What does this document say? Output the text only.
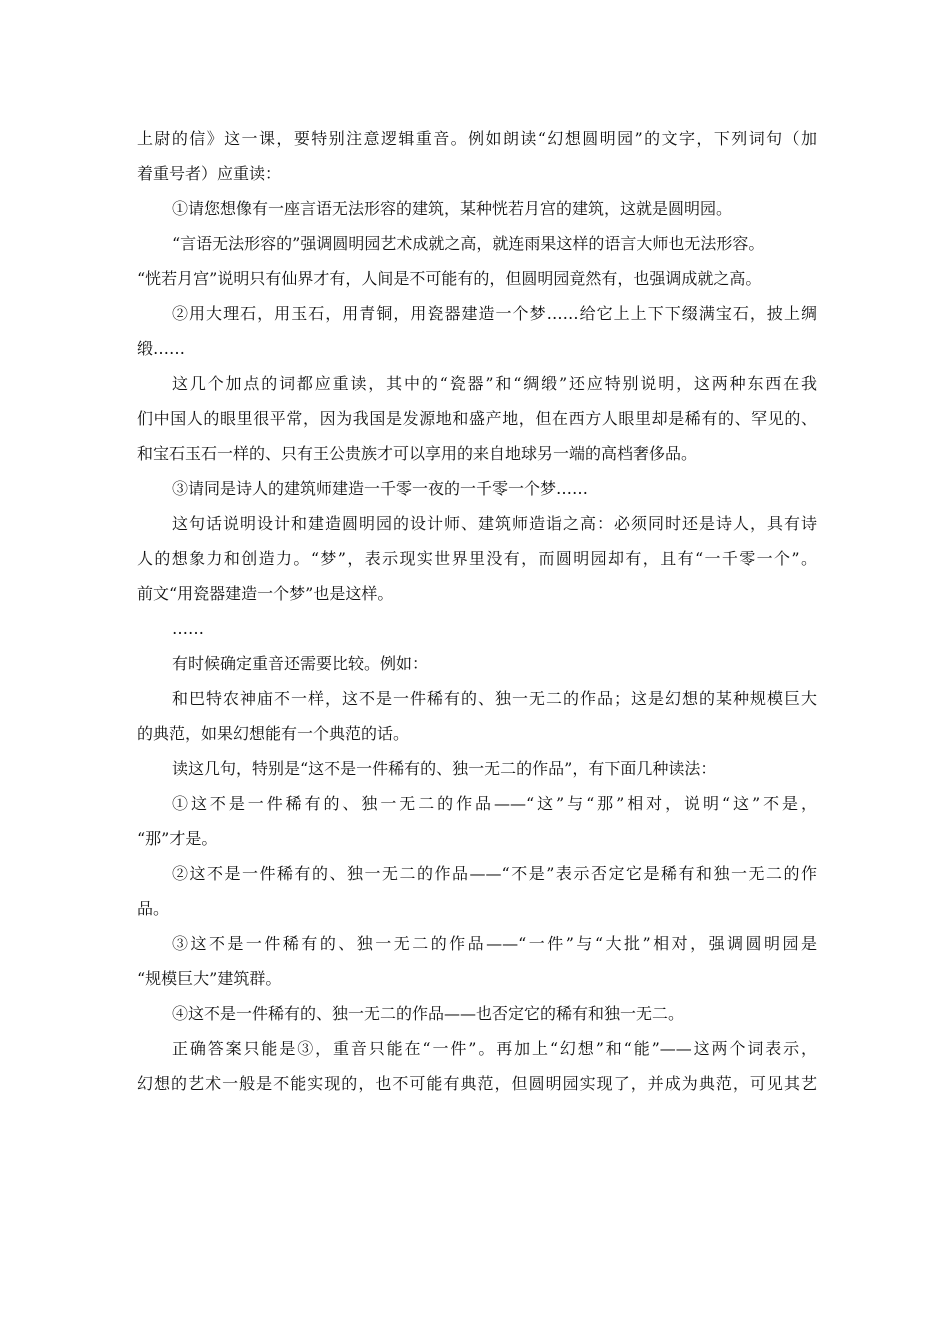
上尉的信》这一课，要特别注意逻辑重音。例如朗读“幻想圆明园”的文字，下列词句（加

着重号者）应重读：

①请您想像有一座言语无法形容的建筑，某种恍若月宫的建筑，这就是圆明园。

“言语无法形容的”强调圆明园艺术成就之高，就连雨果这样的语言大师也无法形容。

“恍若月宫”说明只有仙界才有，人间是不可能有的，但圆明园竟然有，也强调成就之高。

②用大理石，用玉石，用青铜，用瓷器建造一个梦……给它上上下下缀满宝石，披上绸

缎……

这几个加点的词都应重读，其中的“瓷器”和“绸缎”还应特别说明，这两种东西在我

们中国人的眼里很平常，因为我国是发源地和盛产地，但在西方人眼里却是稀有的、罕见的、

和宝石玉石一样的、只有王公贵族才可以享用的来自地球另一端的高档奢侈品。

③请同是诗人的建筑师建造一千零一夜的一千零一个梦……

这句话说明设计和建造圆明园的设计师、建筑师造诣之高：必须同时还是诗人，具有诗

人的想象力和创造力。“梦”，表示现实世界里没有，而圆明园却有，且有“一千零一个”。

前文“用瓷器建造一个梦”也是这样。

……

有时候确定重音还需要比较。例如：

和巴特农神庙不一样，这不是一件稀有的、独一无二的作品；这是幻想的某种规模巨大

的典范，如果幻想能有一个典范的话。

读这几句，特别是“这不是一件稀有的、独一无二的作品”，有下面几种读法：

①这不是一件稀有的、独一无二的作品——“这”与“那”相对，说明“这”不是，

“那”才是。

②这不是一件稀有的、独一无二的作品——“不是”表示否定它是稀有和独一无二的作

品。

③这不是一件稀有的、独一无二的作品——“一件”与“大批”相对，强调圆明园是

“规模巨大”建筑群。

④这不是一件稀有的、独一无二的作品——也否定它的稀有和独一无二。

正确答案只能是③，重音只能在“一件”。再加上“幻想”和“能”——这两个词表示，

幻想的艺术一般是不能实现的，也不可能有典范，但圆明园实现了，并成为典范，可见其艺
